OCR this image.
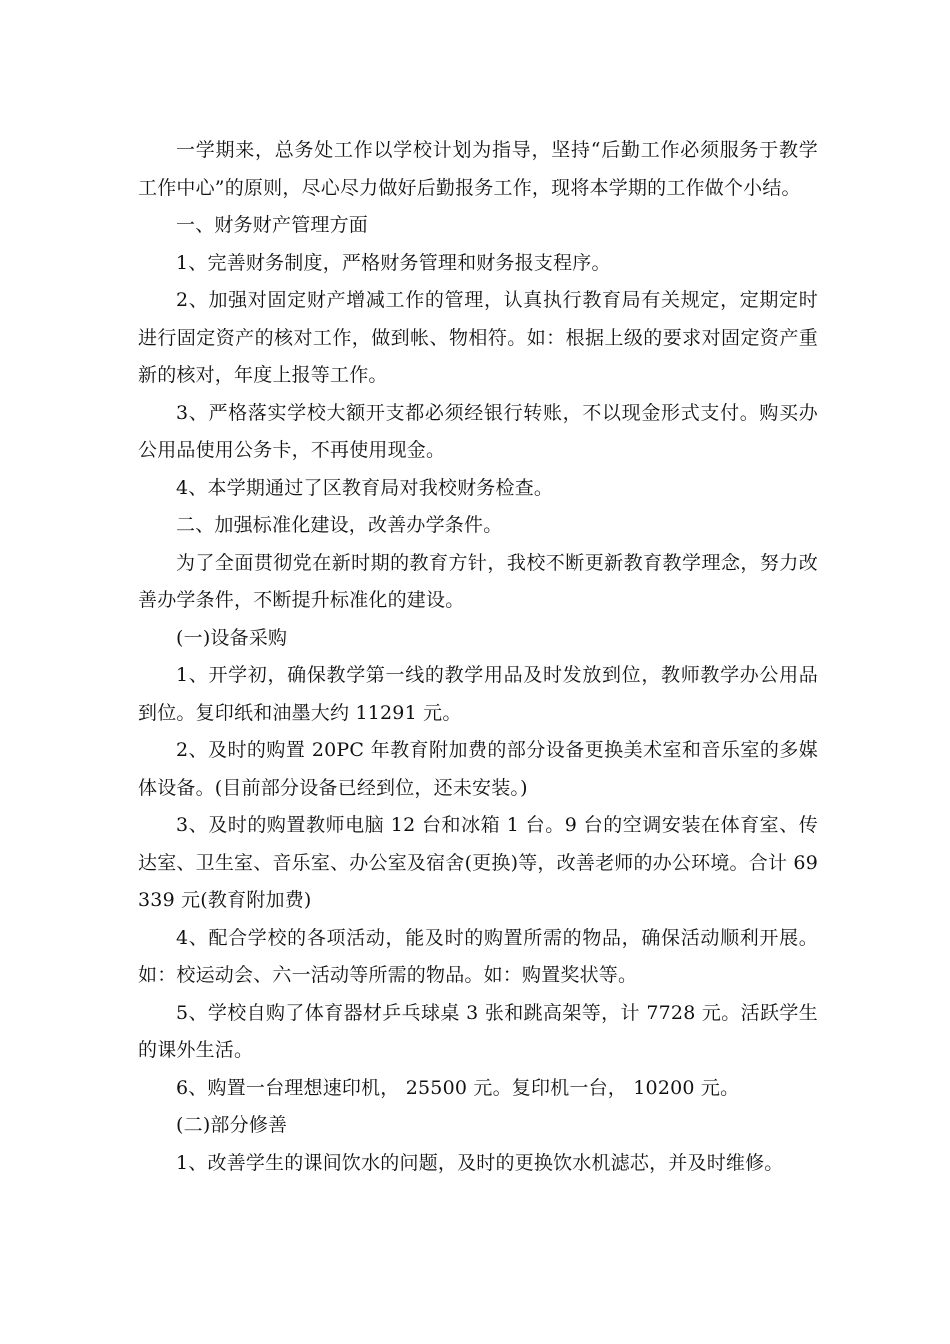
一学期来，总务处工作以学校计划为指导，坚持“后勤工作必须服务于教学工作中心”的原则，尽心尽力做好后勤报务工作，现将本学期的工作做个小结。

一、财务财产管理方面

1、完善财务制度，严格财务管理和财务报支程序。

2、加强对固定财产增减工作的管理，认真执行教育局有关规定，定期定时进行固定资产的核对工作，做到帐、物相符。如：根据上级的要求对固定资产重新的核对，年度上报等工作。

3、严格落实学校大额开支都必须经银行转账，不以现金形式支付。购买办公用品使用公务卡，不再使用现金。

4、本学期通过了区教育局对我校财务检查。

二、加强标准化建设，改善办学条件。

为了全面贯彻党在新时期的教育方针，我校不断更新教育教学理念，努力改善办学条件，不断提升标准化的建设。

(一)设备采购

1、开学初，确保教学第一线的教学用品及时发放到位，教师教学办公用品到位。复印纸和油墨大约 11291 元。

2、及时的购置 20PC 年教育附加费的部分设备更换美术室和音乐室的多媒体设备。(目前部分设备已经到位，还未安装。)

3、及时的购置教师电脑 12 台和冰箱 1 台。9 台的空调安装在体育室、传达室、卫生室、音乐室、办公室及宿舍(更换)等，改善老师的办公环境。合计 69339 元(教育附加费)

4、配合学校的各项活动，能及时的购置所需的物品，确保活动顺利开展。如：校运动会、六一活动等所需的物品。如：购置奖状等。

5、学校自购了体育器材乒乓球桌 3 张和跳高架等，计 7728 元。活跃学生的课外生活。

6、购置一台理想速印机， 25500 元。复印机一台， 10200 元。

(二)部分修善

1、改善学生的课间饮水的问题，及时的更换饮水机滤芯，并及时维修。
